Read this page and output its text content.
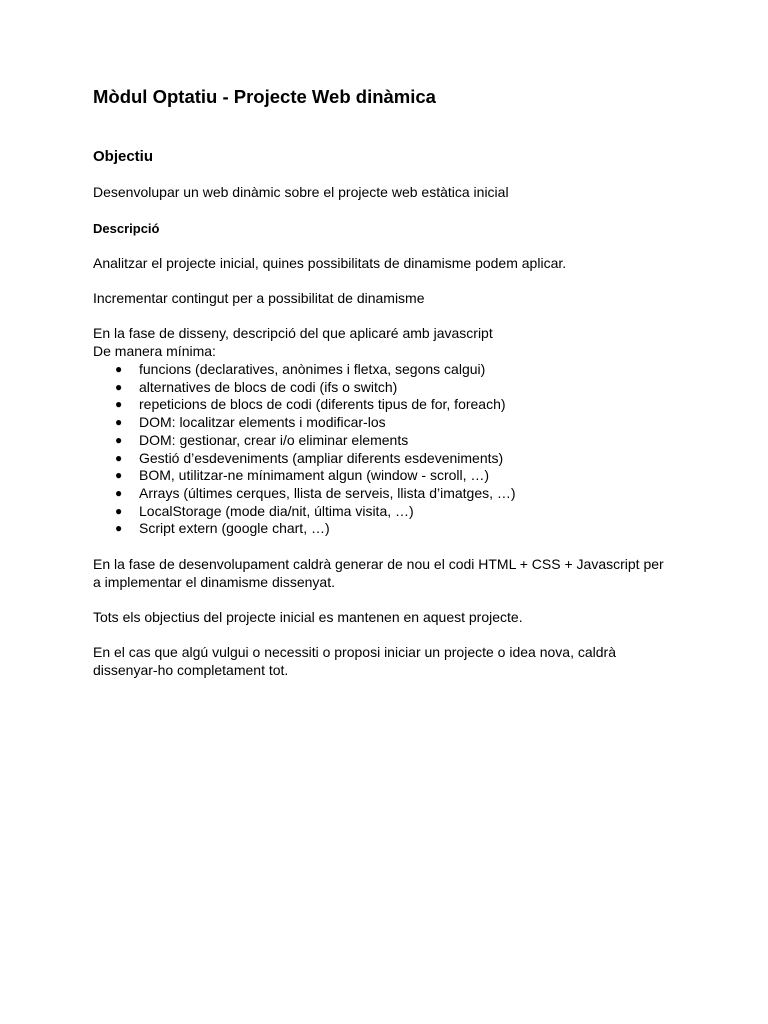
Mòdul Optatiu - Projecte Web dinàmica
Objectiu

Desenvolupar un web dinàmic sobre el projecte web estàtica inicial

Descripció

Analitzar el projecte inicial, quines possibilitats de dinamisme podem aplicar.

Incrementar contingut per a possibilitat de dinamisme

En la fase de disseny, descripció del que aplicaré amb javascript
De manera mínima:

● funcions (declaratives, anònimes i fletxa, segons calgui)
● alternatives de blocs de codi (ifs o switch)
● repeticions de blocs de codi (diferents tipus de for, foreach)
● DOM: localitzar elements i modificar-los
● DOM: gestionar, crear i/o eliminar elements
● Gestió d’esdeveniments (ampliar diferents esdeveniments)
● BOM, utilitzar-ne mínimament algun (window - scroll, …)
● Arrays (últimes cerques, llista de serveis, llista d’imatges, …)
● LocalStorage (mode dia/nit, última visita, …)
● Script extern (google chart, …)

En la fase de desenvolupament caldrà generar de nou el codi HTML + CSS + Javascript per
a implementar el dinamisme dissenyat.

Tots els objectius del projecte inicial es mantenen en aquest projecte.

En el cas que algú vulgui o necessiti o proposi iniciar un projecte o idea nova, caldrà
dissenyar-ho completament tot.
